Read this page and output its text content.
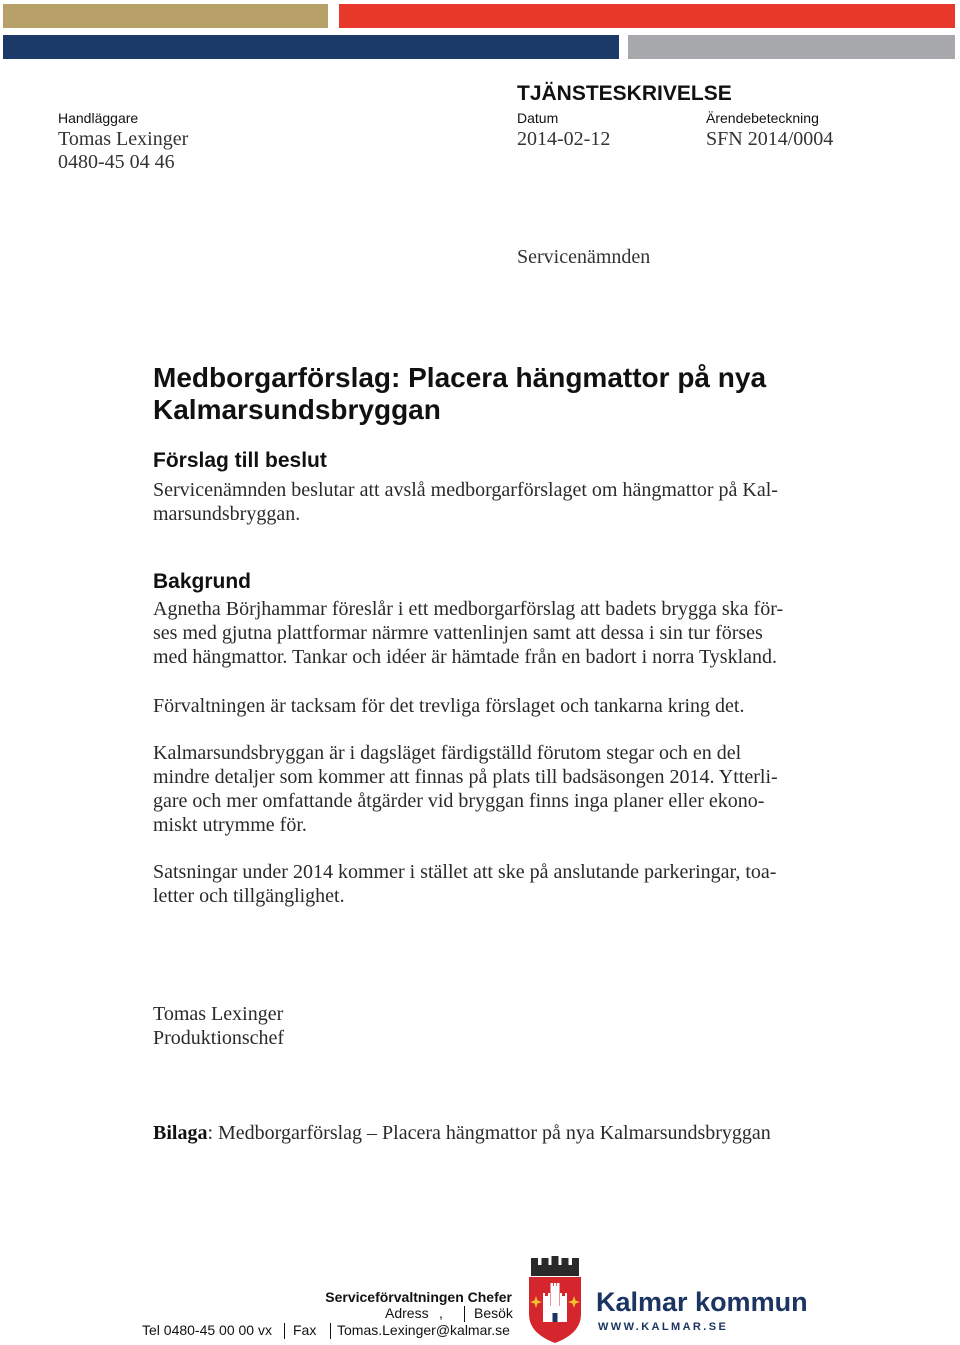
TJÄNSTESKRIVELSE
Handläggare	Datum	Ärendebeteckning
Tomas Lexinger	2014-02-12	SFN 2014/0004
0480-45 04 46
Servicenämnden
Medborgarförslag: Placera hängmattor på nya
Kalmarsundsbryggan
Förslag till beslut
Servicenämnden beslutar att avslå medborgarförslaget om hängmattor på Kal-
marsundsbryggan.
Bakgrund
Agnetha Börjhammar föreslår i ett medborgarförslag att badets brygga ska för-
ses med gjutna plattformar närmre vattenlinjen samt att dessa i sin tur förses
med hängmattor. Tankar och idéer är hämtade från en badort i norra Tyskland.
Förvaltningen är tacksam för det trevliga förslaget och tankarna kring det.
Kalmarsundsbryggan är i dagsläget färdigställd förutom stegar och en del
mindre detaljer som kommer att finnas på plats till badsäsongen 2014. Ytterli-
gare och mer omfattande åtgärder vid bryggan finns inga planer eller ekono-
miskt utrymme för.
Satsningar under 2014 kommer i stället att ske på anslutande parkeringar, toa-
letter och tillgänglighet.
Tomas Lexinger
Produktionschef
Bilaga: Medborgarförslag – Placera hängmattor på nya Kalmarsundsbryggan
Serviceförvaltningen Chefer
Adress , Besök
Tel 0480-45 00 00 vx Fax Tomas.Lexinger@kalmar.se
Kalmar kommun
WWW.KALMAR.SE
